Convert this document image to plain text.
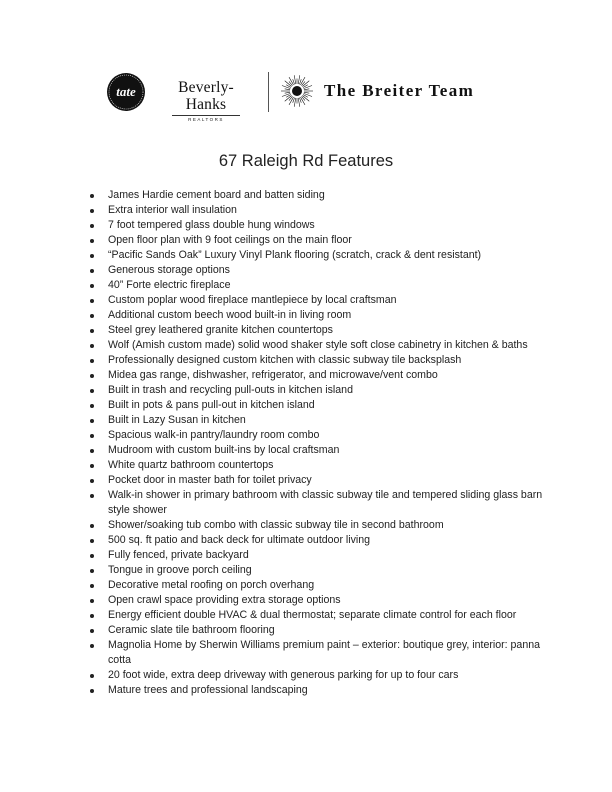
tate	Beverly-Hanks
REALTORS
The Breiter Team
67 Raleigh Rd Features
James Hardie cement board and batten siding
Extra interior wall insulation
7 foot tempered glass double hung windows
Open floor plan with 9 foot ceilings on the main floor
“Pacific Sands Oak” Luxury Vinyl Plank flooring (scratch, crack & dent resistant)
Generous storage options
40” Forte electric fireplace
Custom poplar wood fireplace mantlepiece by local craftsman
Additional custom beech wood built-in in living room
Steel grey leathered granite kitchen countertops
Wolf (Amish custom made) solid wood shaker style soft close cabinetry in kitchen & baths
Professionally designed custom kitchen with classic subway tile backsplash
Midea gas range, dishwasher, refrigerator, and microwave/vent combo
Built in trash and recycling pull-outs in kitchen island
Built in pots & pans pull-out in kitchen island
Built in Lazy Susan in kitchen
Spacious walk-in pantry/laundry room combo
Mudroom with custom built-ins by local craftsman
White quartz bathroom countertops
Pocket door in master bath for toilet privacy
Walk-in shower in primary bathroom with classic subway tile and tempered sliding glass barn style shower
Shower/soaking tub combo with classic subway tile in second bathroom
500 sq. ft patio and back deck for ultimate outdoor living
Fully fenced, private backyard
Tongue in groove porch ceiling
Decorative metal roofing on porch overhang
Open crawl space providing extra storage options
Energy efficient double HVAC & dual thermostat; separate climate control for each floor
Ceramic slate tile bathroom flooring
Magnolia Home by Sherwin Williams premium paint – exterior: boutique grey, interior: panna cotta
20 foot wide, extra deep driveway with generous parking for up to four cars
Mature trees and professional landscaping
